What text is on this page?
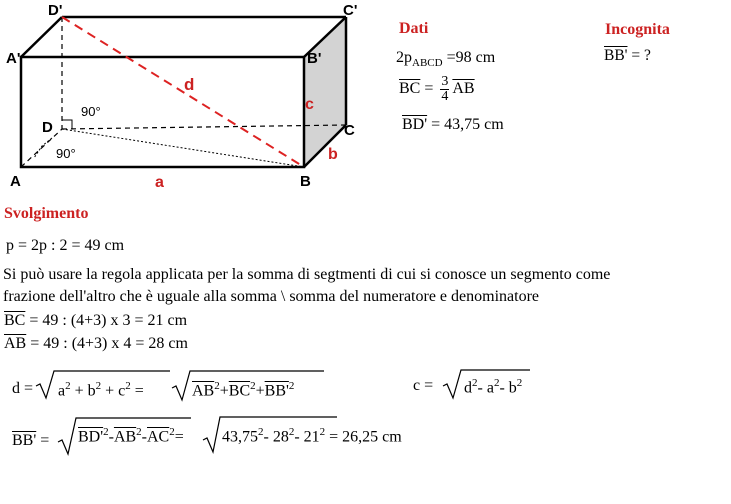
D'	C'
A'	B'
D	C
A	B
90°
90°
d
c
b
a
Dati
$2p_{ABCD} =98$ cm
$\overline{BC} = \frac{3}{4} \overline{AB}$
BD' = 43,75 cm
Incognita
BB' = ?
Svolgimento
p = 2p : 2 = 49 cm
Si può usare la regola applicata per la somma di segtmenti di cui si conosce un segmento come
frazione dell'altro che è uguale alla somma \ somma del numeratore e denominatore
$\overline{BC} = 49$ : (4+3) x 3 = 21 cm
$\overline{AB} = 49$ : (4+3) x 4 = 28 cm
$d = a^2 + b^2 + c^2$ =	$\overline{AB}^2+\overline{BC}^2+BB'^2$	$c = d^2-$ $a^2-$ $b^2$
$BB' = BD'^2-\overline{AB}^2-\overline{AC}^2= 43,75^2-$ $28^2-$ $21^2 = 26,25$ cm
